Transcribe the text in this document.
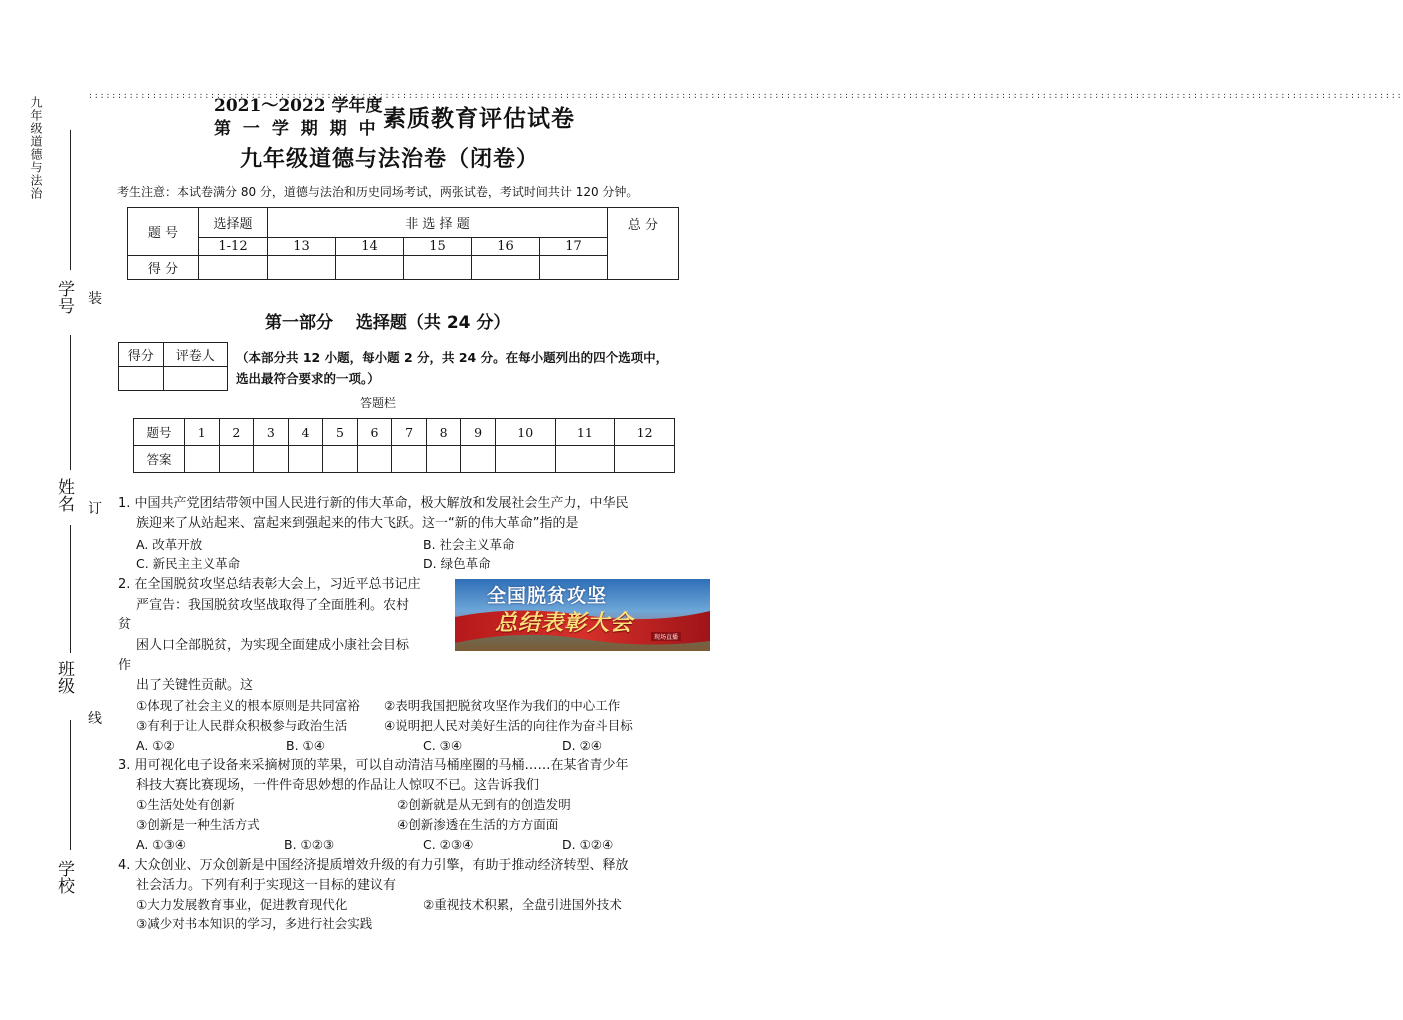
九年级道德与法治
::::::::::::::::::::::::::::::::::::::::::::::::::::::::::::::::::::::::::::::::::::::::::::::::::::::::::::::::::::::::::::::::::::::::::::::::::::::::::::::::::::::::::::::::::::::::::::::::::::::::::::::::::::::::::::::::::
学号
姓名
班级
学校
装
订
线
2021～2022 学年度
第 一 学 期 期 中 素质教育评估试卷
九年级道德与法治卷（闭卷）
考生注意：本试卷满分 80 分，道德与法治和历史同场考试，两张试卷，考试时间共计 120 分钟。
题 号	选择题	非 选 择 题					总 分
	1-12	13	14	15	16	17	
得 分							
第一部分　 选择题（共 24 分）
得分	评卷人
	（本部分共 12 小题，每小题 2 分，共 24 分。在每小题列出的四个选项中，选出最符合要求的一项。）
答题栏
题号	1	2	3	4	5	6	7	8	9	10	11	12
答案												
1. 中国共产党团结带领中国人民进行新的伟大革命，极大解放和发展社会生产力，中华民
族迎来了从站起来、富起来到强起来的伟大飞跃。这一“新的伟大革命”指的是
A. 改革开放	B. 社会主义革命
C. 新民主主义革命	D. 绿色革命
2. 在全国脱贫攻坚总结表彰大会上，习近平总书记庄
严宣告：我国脱贫攻坚战取得了全面胜利。农村
贫
困人口全部脱贫，为实现全面建成小康社会目标
作
出了关键性贡献。这
①体现了社会主义的根本原则是共同富裕 ②表明我国把脱贫攻坚作为我们的中心工作
③有利于让人民群众积极参与政治生活	④说明把人民对美好生活的向往作为奋斗目标
A. ①②	B. ①④	C. ③④	D. ②④
全国脱贫攻坚
总结表彰大会
现场直播
3. 用可视化电子设备来采摘树顶的苹果，可以自动清洁马桶座圈的马桶……在某省青少年
科技大赛比赛现场，一件件奇思妙想的作品让人惊叹不已。这告诉我们
①生活处处有创新	②创新就是从无到有的创造发明
③创新是一种生活方式	④创新渗透在生活的方方面面
A. ①③④	B. ①②③	C. ②③④	D. ①②④
4. 大众创业、万众创新是中国经济提质增效升级的有力引擎，有助于推动经济转型、释放
社会活力。下列有利于实现这一目标的建议有
①大力发展教育事业，促进教育现代化	②重视技术积累，全盘引进国外技术
③减少对书本知识的学习，多进行社会实践
